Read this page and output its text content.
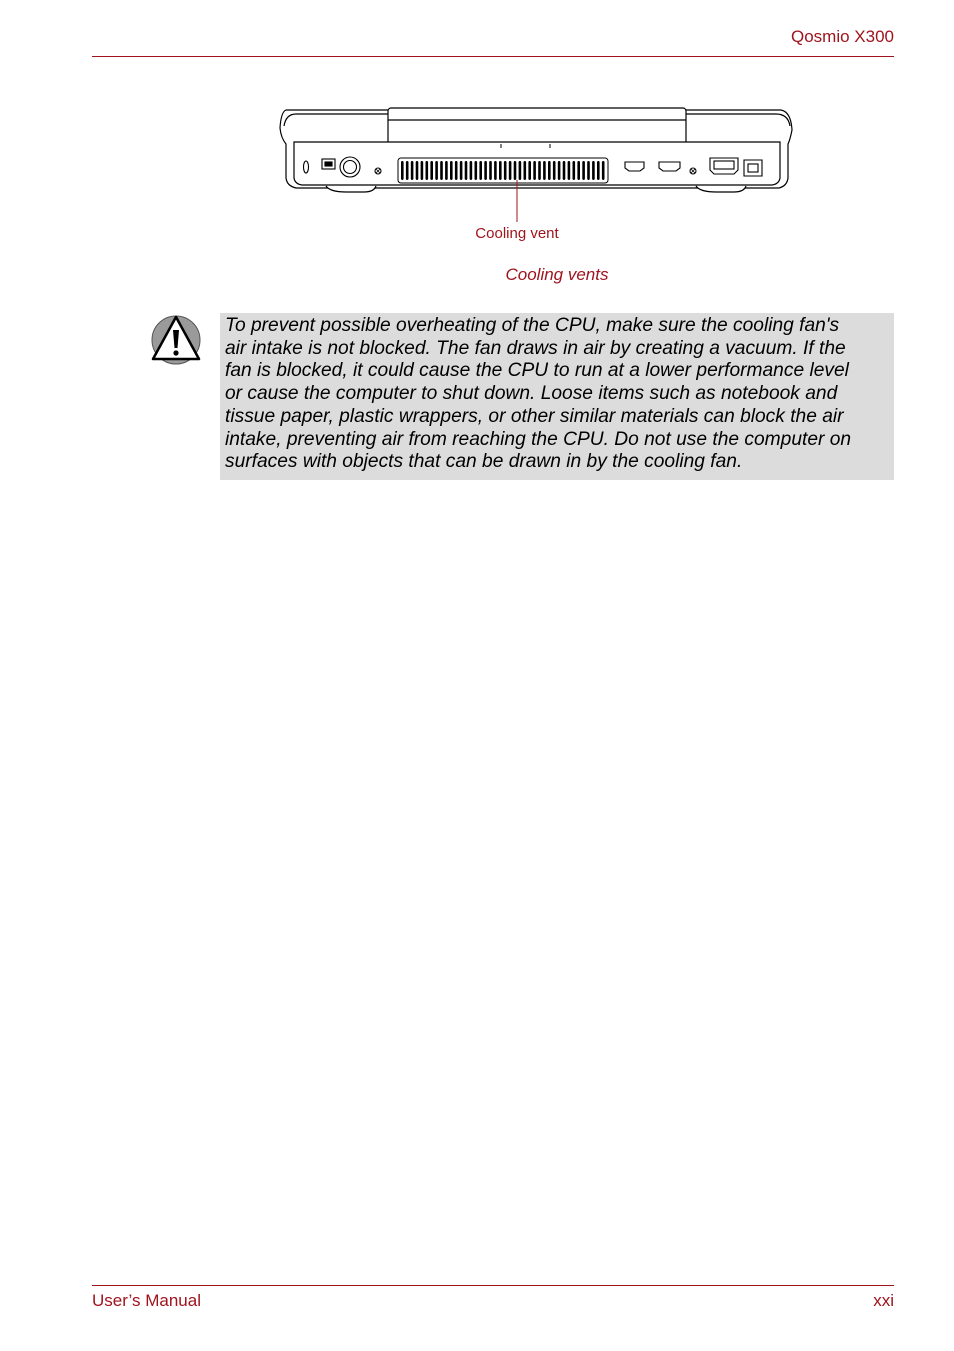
Qosmio X300
Cooling vent
Cooling vents
To prevent possible overheating of the CPU, make sure the cooling fan's
air intake is not blocked. The fan draws in air by creating a vacuum. If the
fan is blocked, it could cause the CPU to run at a lower performance level
or cause the computer to shut down. Loose items such as notebook and
tissue paper, plastic wrappers, or other similar materials can block the air
intake, preventing air from reaching the CPU. Do not use the computer on
surfaces with objects that can be drawn in by the cooling fan.
User’s Manual	xxi
